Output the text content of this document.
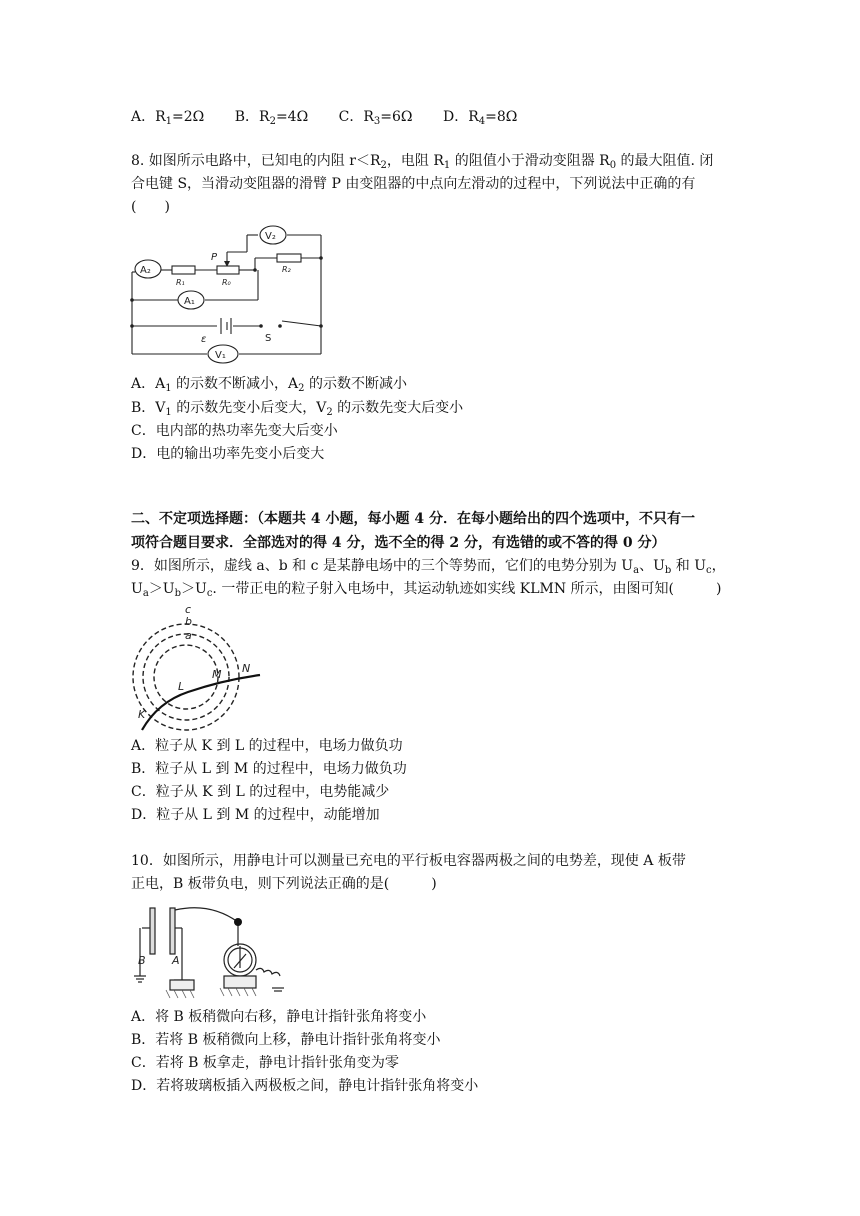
A．$R_1=2\Omega$ B．$R_2=4\Omega$ C．$R_3=6\Omega$ D．$R_4=8\Omega$
8. 如图所示电路中，已知电的内阻 $r<R_2$，电阻 $R_1$ 的阻值小于滑动变阻器 $R_0$ 的最大阻值. 闭
合电键 S，当滑动变阻器的滑臂 P 由变阻器的中点向左滑动的过程中，下列说法中正确的有
(　　)
A₂
A₁
V₂
V₁
R₁	R₀
R₂
P
ε	S
A．$A_1$ 的示数不断减小，$A_2$ 的示数不断减小
B．$V_1$ 的示数先变小后变大，$V_2$ 的示数先变大后变小
C．电内部的热功率先变大后变小
D．电的输出功率先变小后变大
二、不定项选择题：（本题共 4 小题，每小题 4 分．在每小题给出的四个选项中，不只有一
项符合题目要求．全部选对的得 4 分，选不全的得 2 分，有选错的或不答的得 0 分）
9．如图所示，虚线 a、b 和 c 是某静电场中的三个等势而，它们的电势分别为 $U_a$、$U_b$ 和 $U_c$，
$U_a>U_b>U_c$. 一带正电的粒子射入电场中，其运动轨迹如实线 KLMN 所示，由图可知(　　　)
c
b
a
K
L
M N
A．粒子从 K 到 L 的过程中，电场力做负功
B．粒子从 L 到 M 的过程中，电场力做负功
C．粒子从 K 到 L 的过程中，电势能减少
D．粒子从 L 到 M 的过程中，动能增加
10．如图所示，用静电计可以测量已充电的平行板电容器两极之间的电势差，现使 A 板带
正电，B 板带负电，则下列说法正确的是(　　　)
B A
A．将 B 板稍微向右移，静电计指针张角将变小
B．若将 B 板稍微向上移，静电计指针张角将变小
C．若将 B 板拿走，静电计指针张角变为零
D．若将玻璃板插入两极板之间，静电计指针张角将变小
